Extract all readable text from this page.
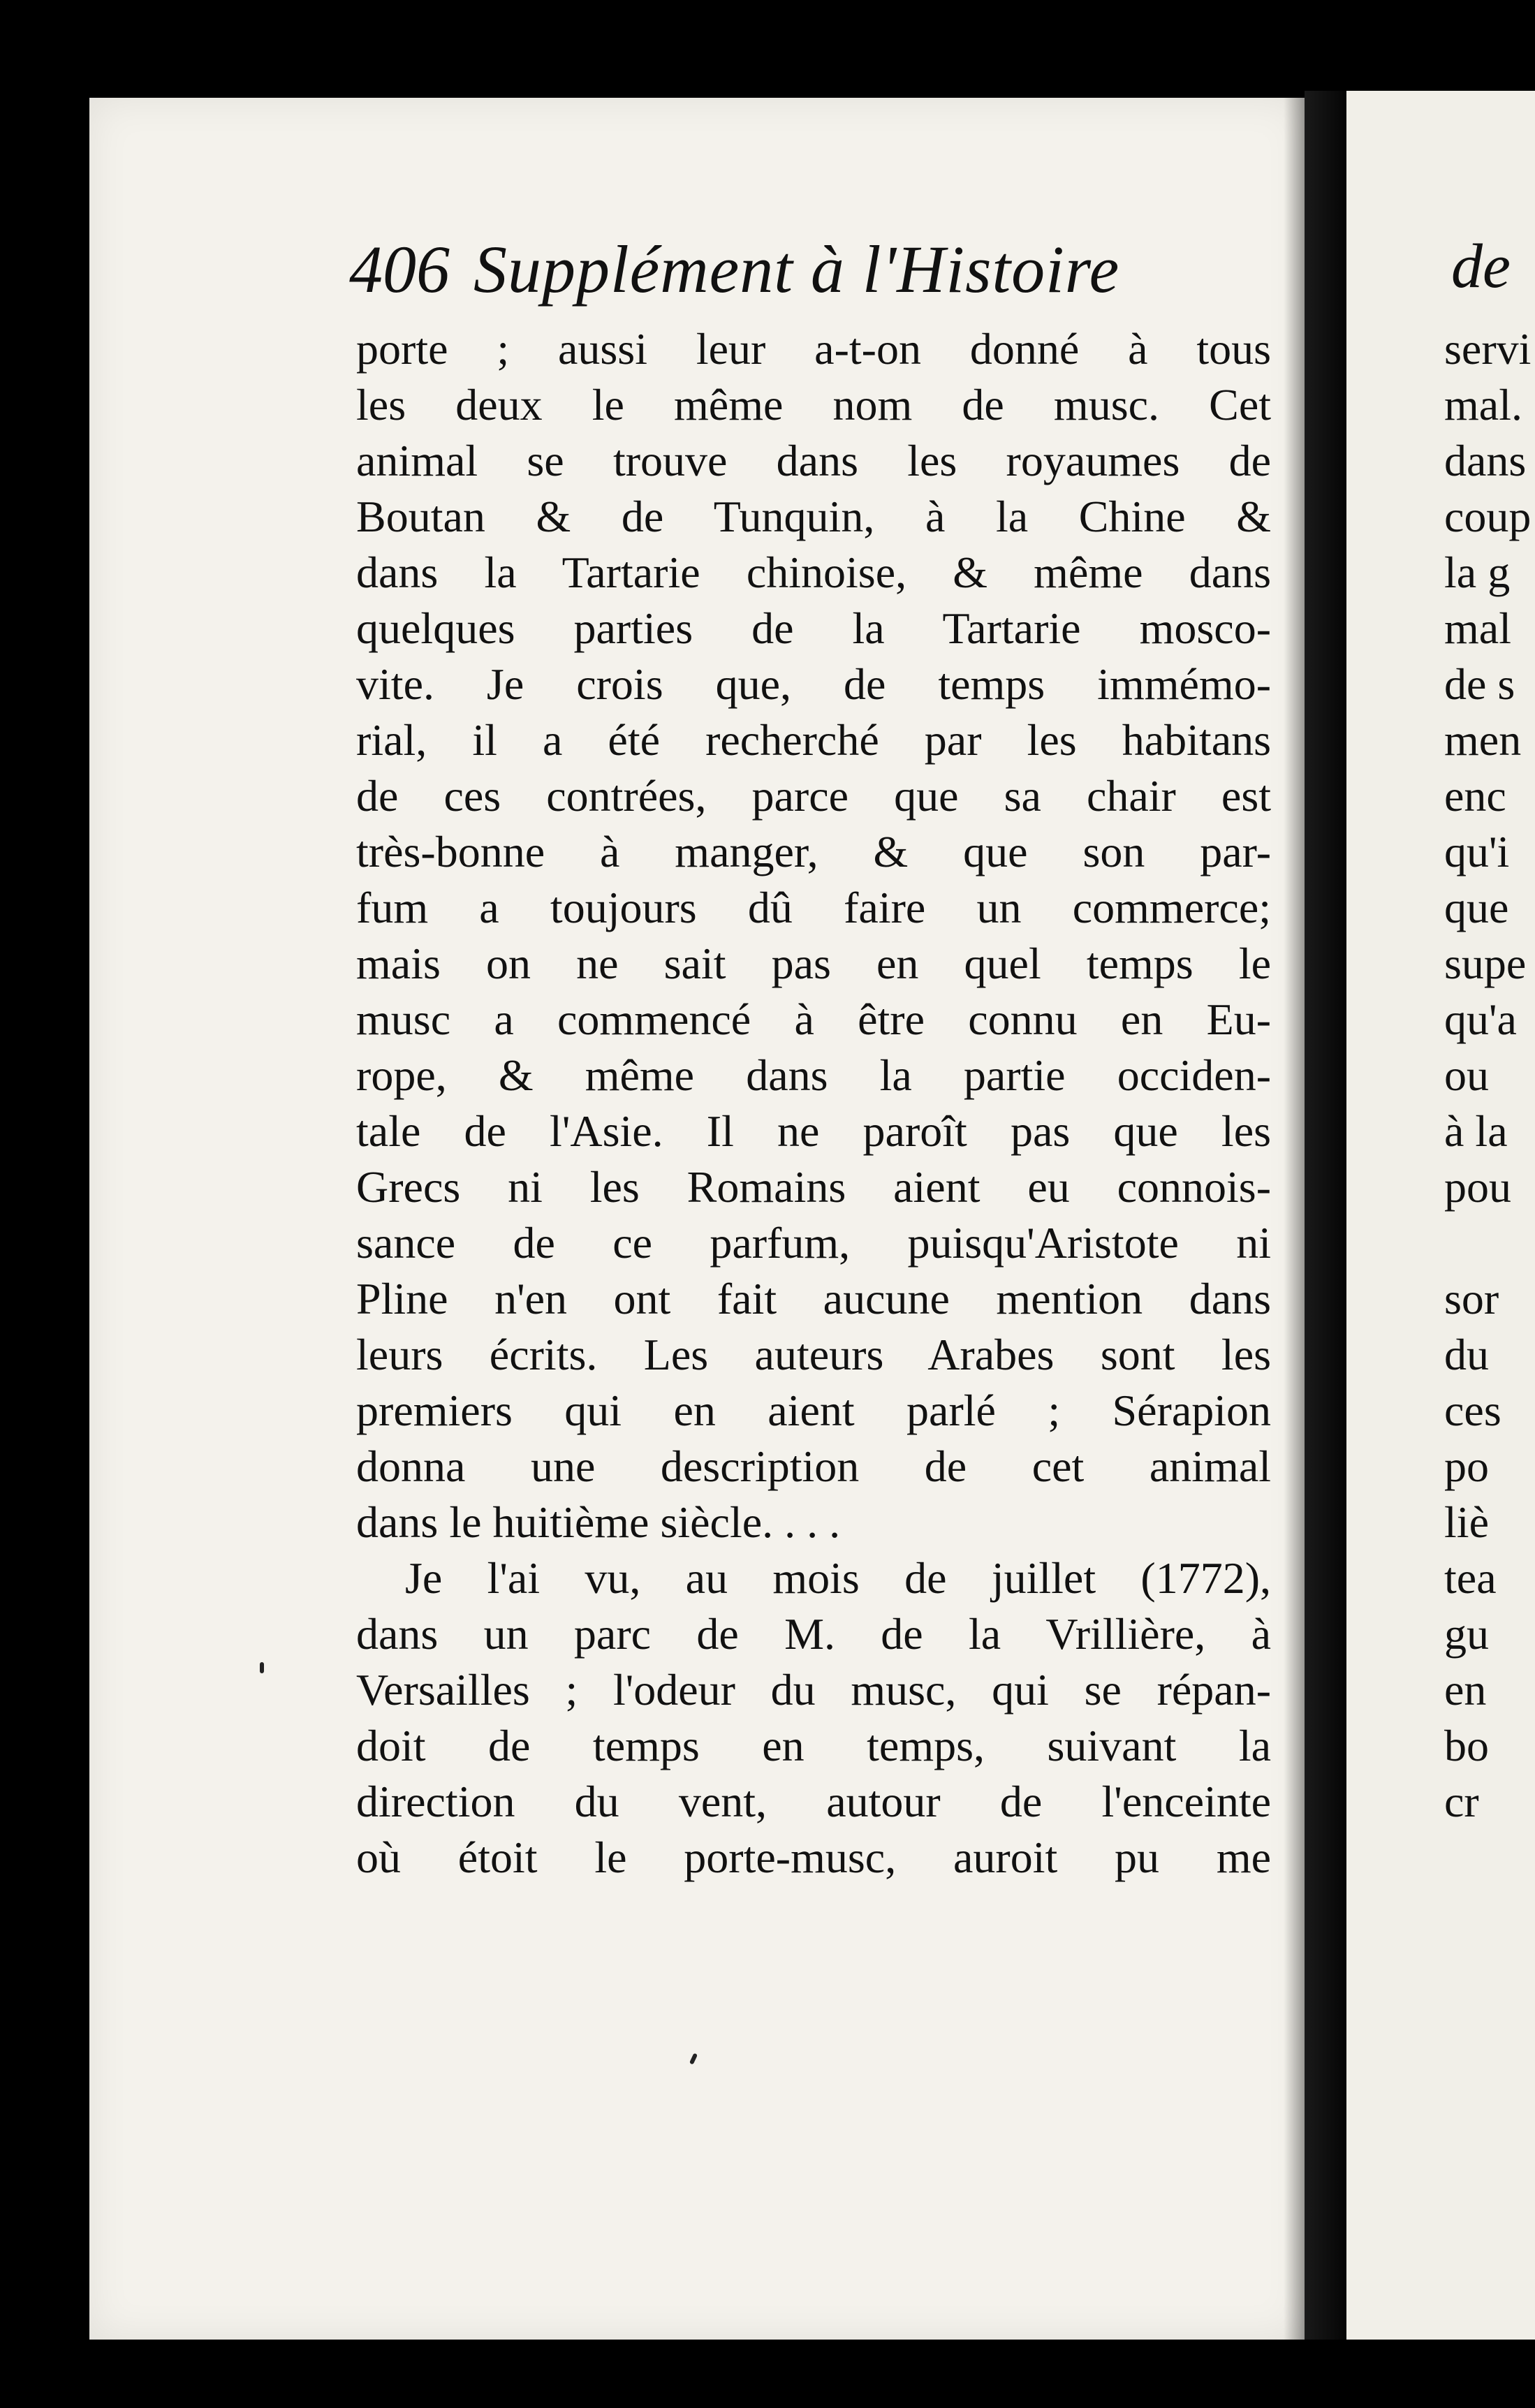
de
servi
mal.
dans
coup
la g
mal
de s
men
enc
qu'i
que
supe
qu'a
ou
à la
pou
sor
du
ces
po
liè
tea
gu
en
bo
cr
406 Supplément à l'Histoire
porte ; aussi leur a-t-on donné à tous
les deux le même nom de musc. Cet
animal se trouve dans les royaumes de
Boutan & de Tunquin, à la Chine &
dans la Tartarie chinoise, & même dans
quelques parties de la Tartarie mosco-
vite. Je crois que, de temps immémo-
rial, il a été recherché par les habitans
de ces contrées, parce que sa chair est
très-bonne à manger, & que son par-
fum a toujours dû faire un commerce;
mais on ne sait pas en quel temps le
musc a commencé à être connu en Eu-
rope, & même dans la partie occiden-
tale de l'Asie. Il ne paroît pas que les
Grecs ni les Romains aient eu connois-
sance de ce parfum, puisqu'Aristote ni
Pline n'en ont fait aucune mention dans
leurs écrits. Les auteurs Arabes sont les
premiers qui en aient parlé ; Sérapion
donna une description de cet animal
dans le huitième siècle. . . .
Je l'ai vu, au mois de juillet (1772),
dans un parc de M. de la Vrillière, à
Versailles ; l'odeur du musc, qui se répan-
doit de temps en temps, suivant la
direction du vent, autour de l'enceinte
où étoit le porte-musc, auroit pu me
